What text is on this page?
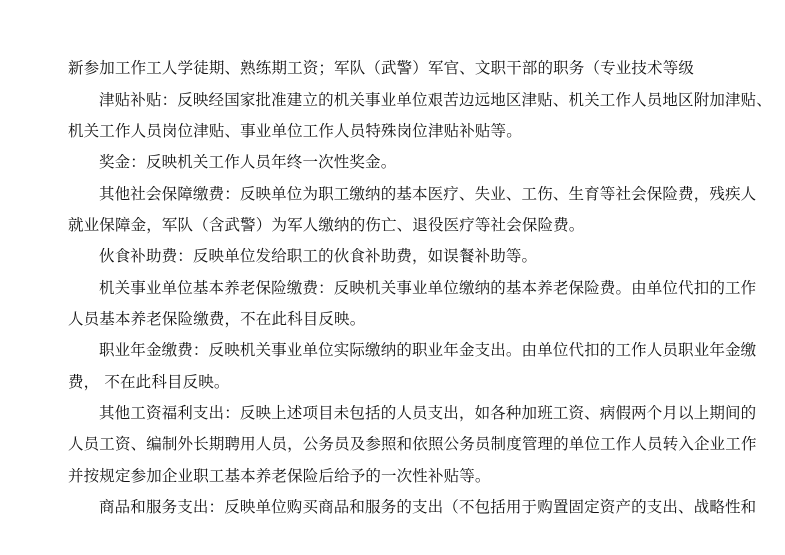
新参加工作工人学徒期、熟练期工资；军队（武警）军官、文职干部的职务（专业技术等级
津贴补贴：反映经国家批准建立的机关事业单位艰苦边远地区津贴、机关工作人员地区附加津贴、
机关工作人员岗位津贴、事业单位工作人员特殊岗位津贴补贴等。
奖金：反映机关工作人员年终一次性奖金。
其他社会保障缴费：反映单位为职工缴纳的基本医疗、失业、工伤、生育等社会保险费，残疾人
就业保障金，军队（含武警）为军人缴纳的伤亡、退役医疗等社会保险费。
伙食补助费：反映单位发给职工的伙食补助费，如误餐补助等。
机关事业单位基本养老保险缴费：反映机关事业单位缴纳的基本养老保险费。由单位代扣的工作
人员基本养老保险缴费，不在此科目反映。
职业年金缴费：反映机关事业单位实际缴纳的职业年金支出。由单位代扣的工作人员职业年金缴
费， 不在此科目反映。
其他工资福利支出：反映上述项目未包括的人员支出，如各种加班工资、病假两个月以上期间的
人员工资、编制外长期聘用人员，公务员及参照和依照公务员制度管理的单位工作人员转入企业工作
并按规定参加企业职工基本养老保险后给予的一次性补贴等。
商品和服务支出：反映单位购买商品和服务的支出（不包括用于购置固定资产的支出、战略性和
